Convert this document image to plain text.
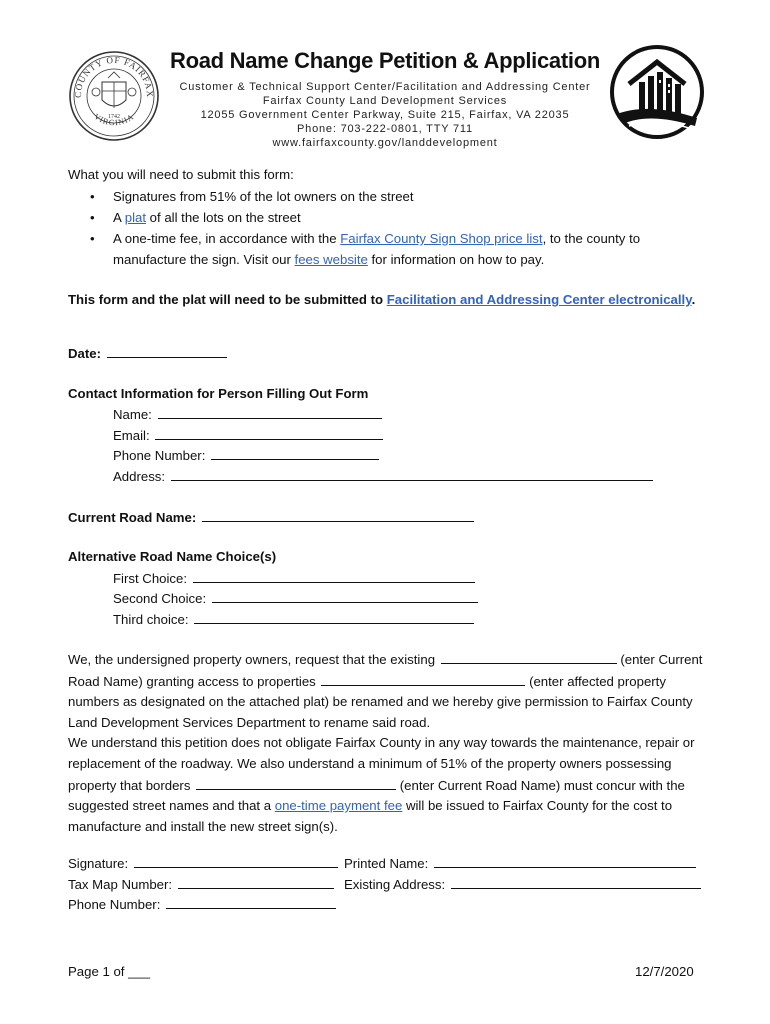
COUNTY OF FAIRFAX
VIRGINIA
1742
Road Name Change Petition & Application
Customer & Technical Support Center/Facilitation and Addressing Center
Fairfax County Land Development Services
12055 Government Center Parkway, Suite 215, Fairfax, VA 22035
Phone: 703-222-0801, TTY 711
www.fairfaxcounty.gov/landdevelopment
What you will need to submit this form:
• Signatures from 51% of the lot owners on the street
• A plat of all the lots on the street
• A one-time fee, in accordance with the Fairfax County Sign Shop price list, to the county to manufacture the sign. Visit our fees website for information on how to pay.
This form and the plat will need to be submitted to Facilitation and Addressing Center electronically.
Date:
Contact Information for Person Filling Out Form
Name:
Email:
Phone Number:
Address:
Current Road Name:
Alternative Road Name Choice(s)
First Choice:
Second Choice:
Third choice:
We, the undersigned property owners, request that the existing	(enter Current Road Name) granting access to properties	(enter affected property numbers as designated on the attached plat) be renamed and we hereby give permission to Fairfax County Land Development Services Department to rename said road.
We understand this petition does not obligate Fairfax County in any way towards the maintenance, repair or replacement of the roadway. We also understand a minimum of 51% of the property owners possessing property that borders	(enter Current Road Name) must concur with the suggested street names and that a one-time payment fee will be issued to Fairfax County for the cost to manufacture and install the new street sign(s).
Signature:	Printed Name:
Tax Map Number:	Existing Address:
Phone Number:
Page 1 of ___	12/7/2020
